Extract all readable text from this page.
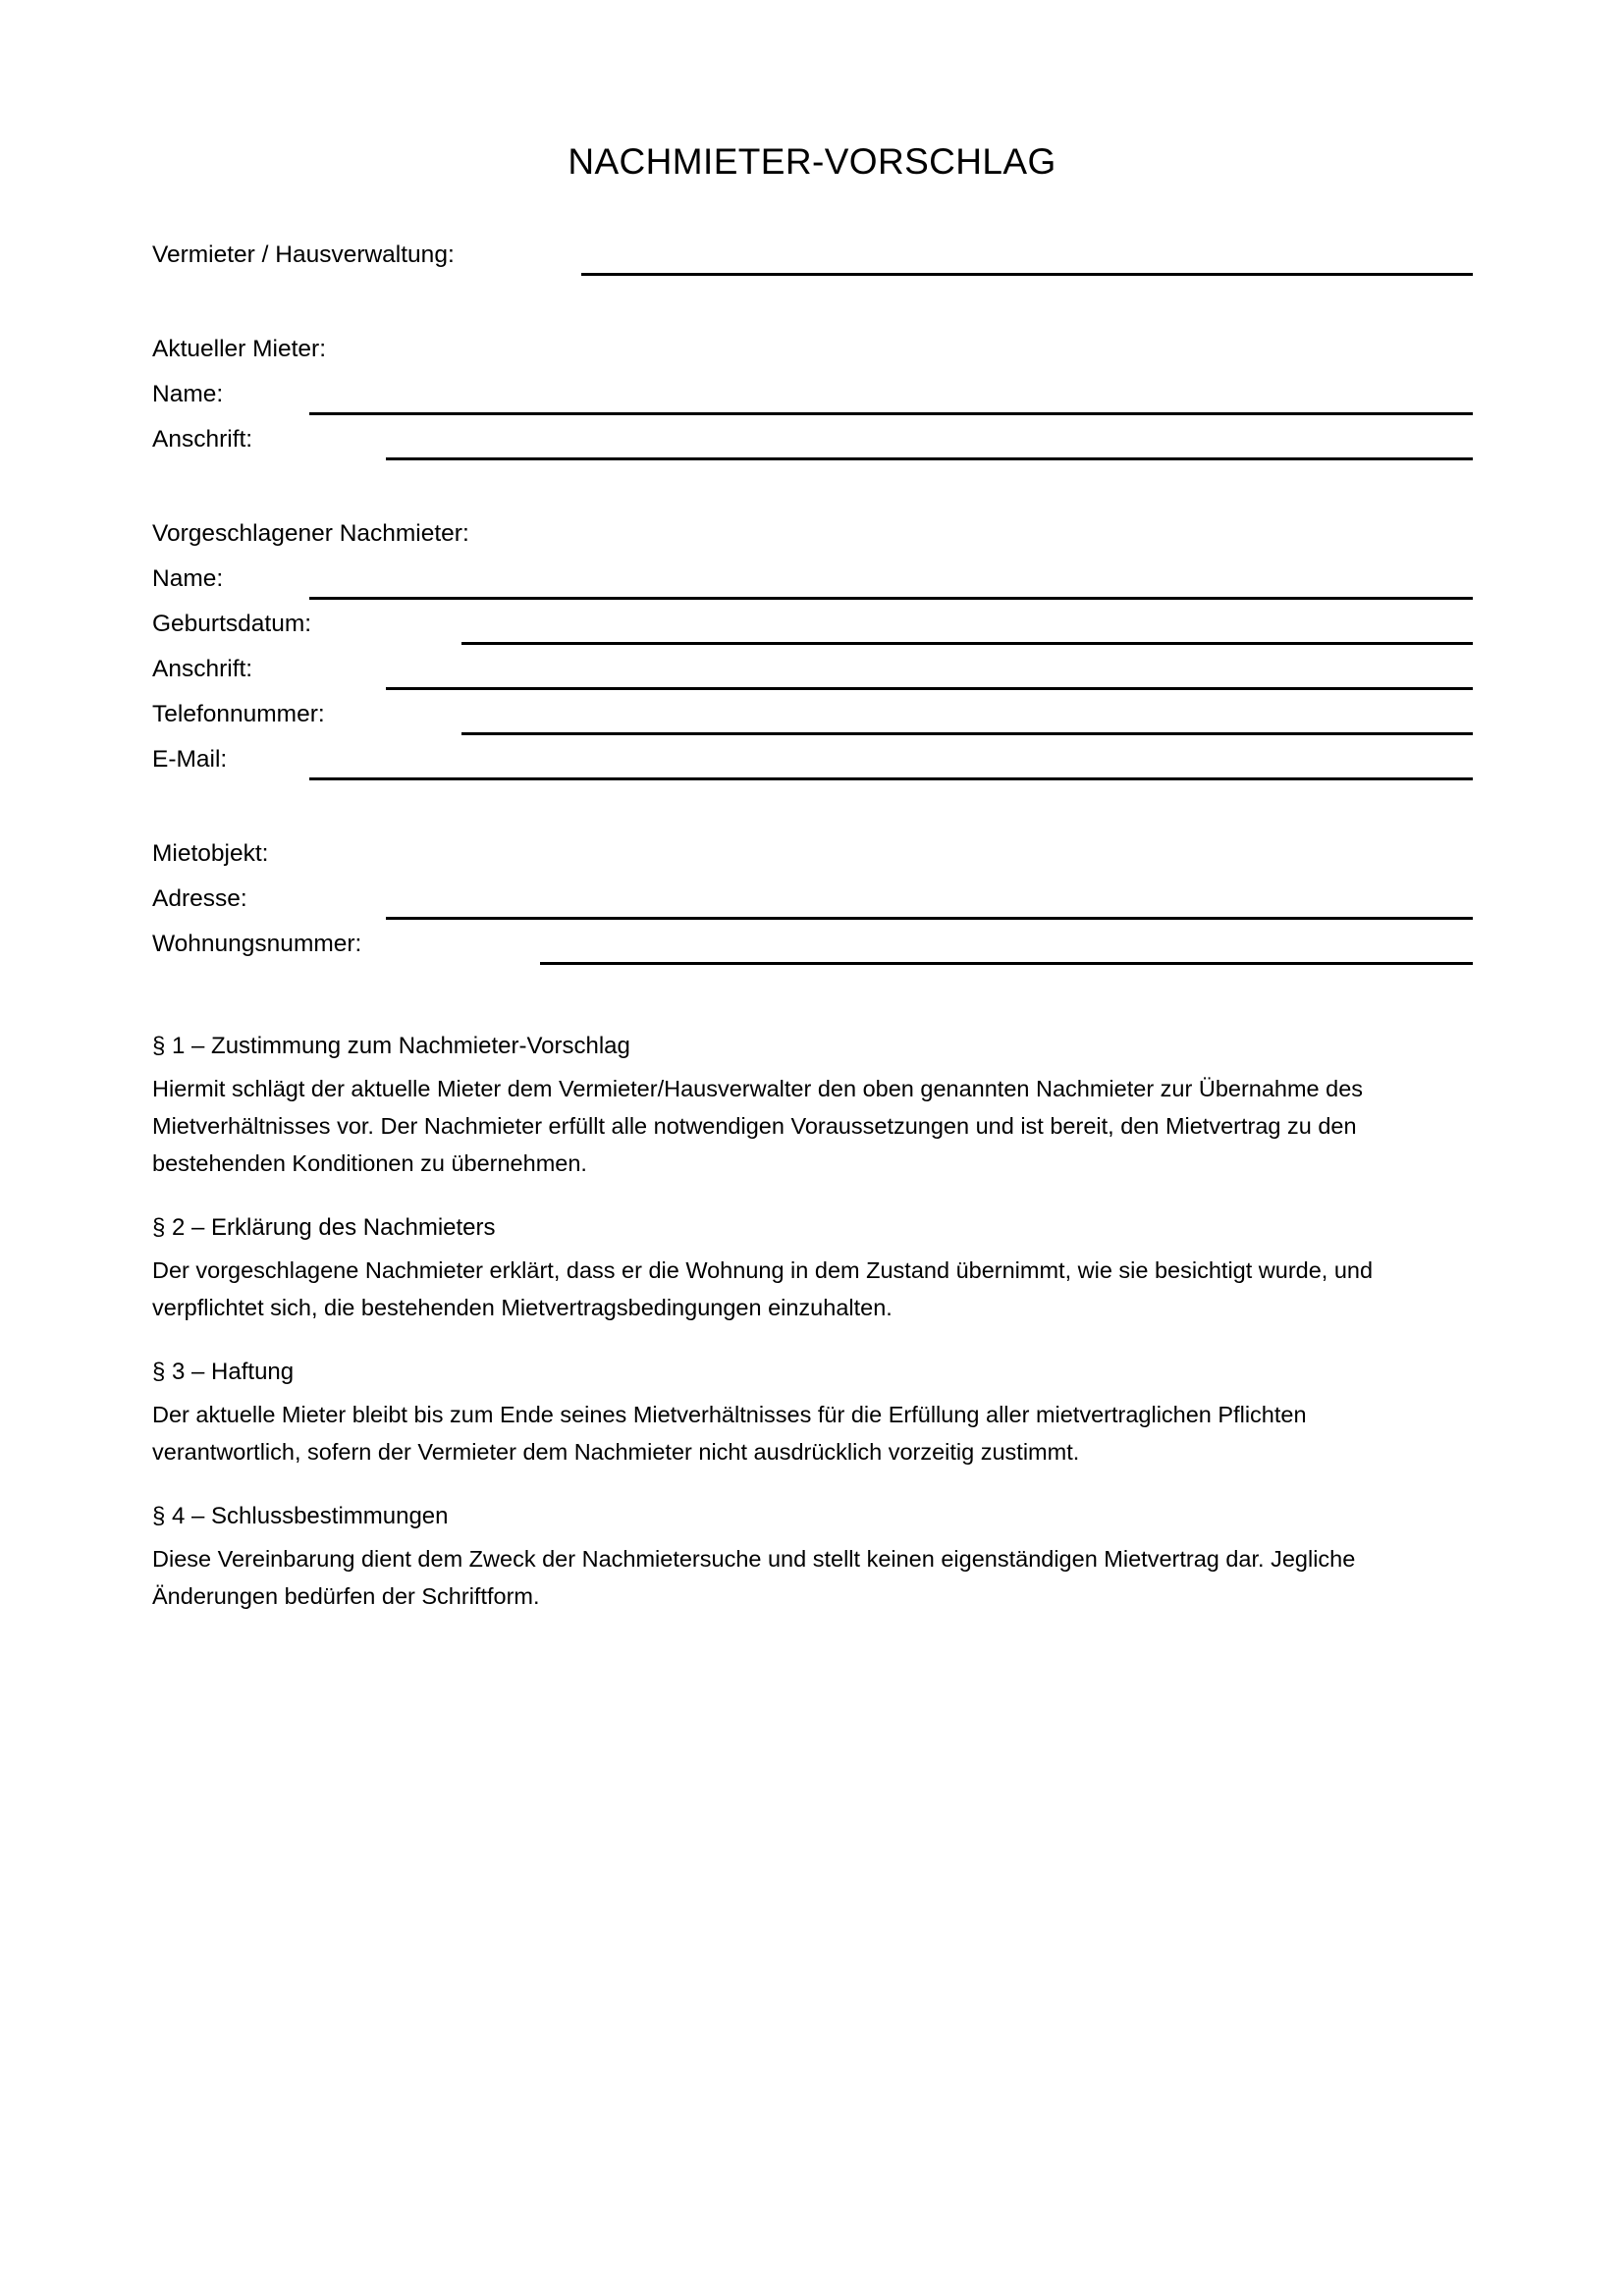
NACHMIETER-VORSCHLAG
Vermieter / Hausverwaltung:
Aktueller Mieter:
Name:
Anschrift:
Vorgeschlagener Nachmieter:
Name:
Geburtsdatum:
Anschrift:
Telefonnummer:
E-Mail:
Mietobjekt:
Adresse:
Wohnungsnummer:
§ 1 – Zustimmung zum Nachmieter-Vorschlag

Hiermit schlägt der aktuelle Mieter dem Vermieter/Hausverwalter den oben genannten Nachmieter zur Übernahme des Mietverhältnisses vor. Der Nachmieter erfüllt alle notwendigen Voraussetzungen und ist bereit, den Mietvertrag zu den bestehenden Konditionen zu übernehmen.

§ 2 – Erklärung des Nachmieters

Der vorgeschlagene Nachmieter erklärt, dass er die Wohnung in dem Zustand übernimmt, wie sie besichtigt wurde, und verpflichtet sich, die bestehenden Mietvertragsbedingungen einzuhalten.

§ 3 – Haftung

Der aktuelle Mieter bleibt bis zum Ende seines Mietverhältnisses für die Erfüllung aller mietvertraglichen Pflichten verantwortlich, sofern der Vermieter dem Nachmieter nicht ausdrücklich vorzeitig zustimmt.

§ 4 – Schlussbestimmungen

Diese Vereinbarung dient dem Zweck der Nachmietersuche und stellt keinen eigenständigen Mietvertrag dar. Jegliche Änderungen bedürfen der Schriftform.
